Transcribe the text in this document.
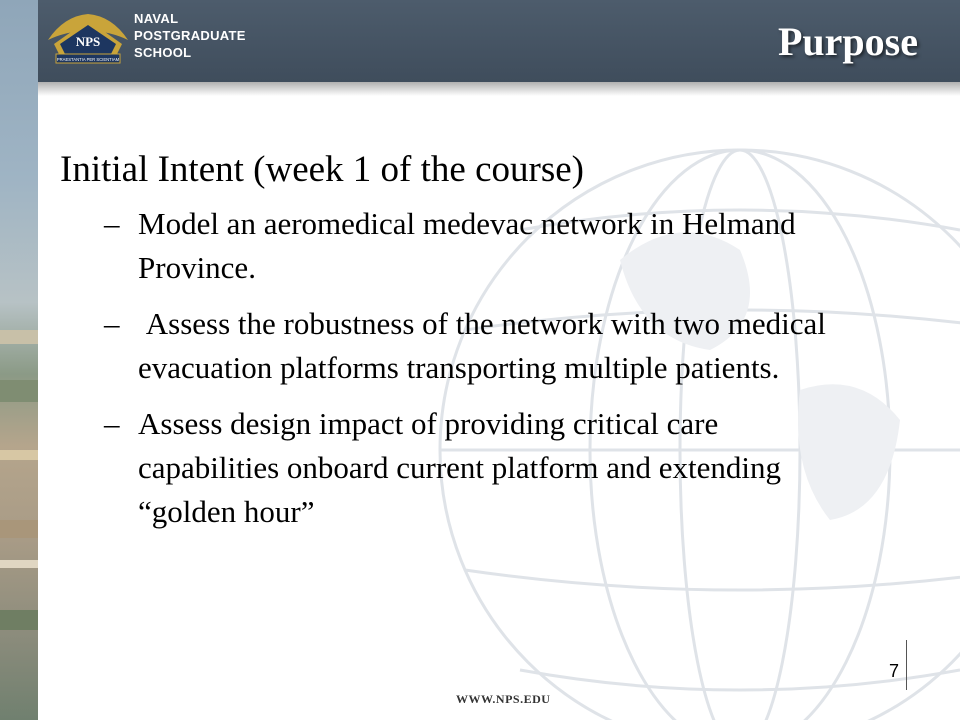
NPS
PRAESTANTIA PER SCIENTIAM
NAVAL
POSTGRADUATE
SCHOOL	Purpose
Initial Intent (week 1 of the course)
– Model an aeromedical medevac network in Helmand Province.
– Assess the robustness of the network with two medical evacuation platforms transporting multiple patients.
– Assess design impact of providing critical care capabilities onboard current platform and extending “golden hour”
7
WWW.NPS.EDU
